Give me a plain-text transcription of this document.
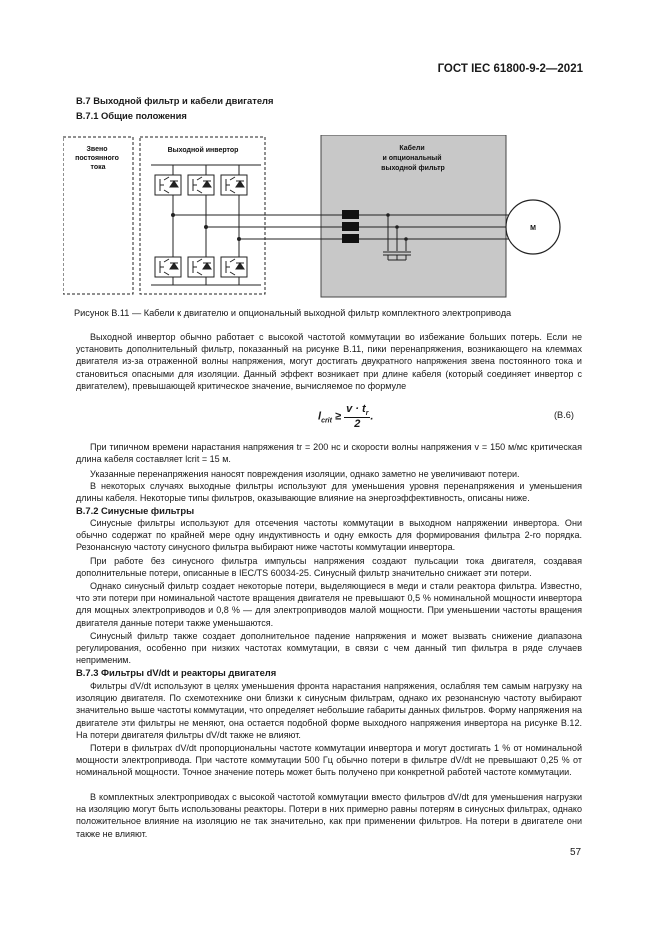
ГОСТ IEC 61800-9-2—2021
В.7 Выходной фильтр и кабели двигателя
В.7.1 Общие положения
Звено постоянного тока
Выходной инвертор	Кабели и опциональный выходной фильтр
M
Рисунок В.11 — Кабели к двигателю и опциональный выходной фильтр комплектного электропривода

Выходной инвертор обычно работает с высокой частотой коммутации во избежание больших потерь. Если не установить дополнительный фильтр, показанный на рисунке В.11, пики перенапряжения, возникающего на клеммах двигателя из-за отраженной волны напряжения, могут достигать двукратного напряжения звена постоянного тока и становиться опасными для изоляции. Данный эффект возникает при длине кабеля (который соединяет инвертор с двигателем), превышающей критическое значение, вычисляемое по формуле

$l_{crit} \ge \frac{v \cdot t_r}{2}$ .	(B.6)

При типичном времени нарастания напряжения tr = 200 нс и скорости волны напряжения v = 150 м/мс критическая длина кабеля составляет lcrit = 15 м.

Указанные перенапряжения наносят повреждения изоляции, однако заметно не увеличивают потери.

В некоторых случаях выходные фильтры используют для уменьшения уровня перенапряжения и уменьшения длины кабеля. Некоторые типы фильтров, оказывающие влияние на энергоэффективность, описаны ниже.

В.7.2 Синусные фильтры

Синусные фильтры используют для отсечения частоты коммутации в выходном напряжении инвертора. Они обычно содержат по крайней мере одну индуктивность и одну емкость для формирования фильтра 2-го порядка. Резонансную частоту синусного фильтра выбирают ниже частоты коммутации инвертора.

При работе без синусного фильтра импульсы напряжения создают пульсации тока двигателя, создавая дополнительные потери, описанные в IEC/TS 60034-25. Синусный фильтр значительно снижает эти потери.

Однако синусный фильтр создает некоторые потери, выделяющиеся в меди и стали реактора фильтра. Известно, что эти потери при номинальной частоте вращения двигателя не превышают 0,5 % номинальной мощности инвертора для мощных электроприводов и 0,8 % — для электроприводов малой мощности. При уменьшении частоты вращения двигателя данные потери также уменьшаются.

Синусный фильтр также создает дополнительное падение напряжения и может вызвать снижение диапазона регулирования, особенно при низких частотах коммутации, в связи с чем данный тип фильтра в ряде случаев неприменим.

В.7.3 Фильтры dV/dt и реакторы двигателя

Фильтры dV/dt используют в целях уменьшения фронта нарастания напряжения, ослабляя тем самым нагрузку на изоляцию двигателя. По схемотехнике они близки к синусным фильтрам, однако их резонансную частоту выбирают значительно выше частоты коммутации, что определяет небольшие габариты данных фильтров. Форму напряжения на двигателе эти фильтры не меняют, она остается подобной форме выходного напряжения инвертора на рисунке В.12. На потери двигателя фильтры dV/dt также не влияют.

Потери в фильтрах dV/dt пропорциональны частоте коммутации инвертора и могут достигать 1 % от номинальной мощности электропривода. При частоте коммутации 500 Гц обычно потери в фильтре dV/dt не превышают 0,25 % от номинальной мощности. Точное значение потерь может быть получено при конкретной работей частоте коммутации.

В комплектных электроприводах с высокой частотой коммутации вместо фильтров dV/dt для уменьшения нагрузки на изоляцию могут быть использованы реакторы. Потери в них примерно равны потерям в синусных фильтрах, однако положительное влияние на изоляцию не так значительно, как при применении фильтров. На потери в двигателе они также не влияют.

57
